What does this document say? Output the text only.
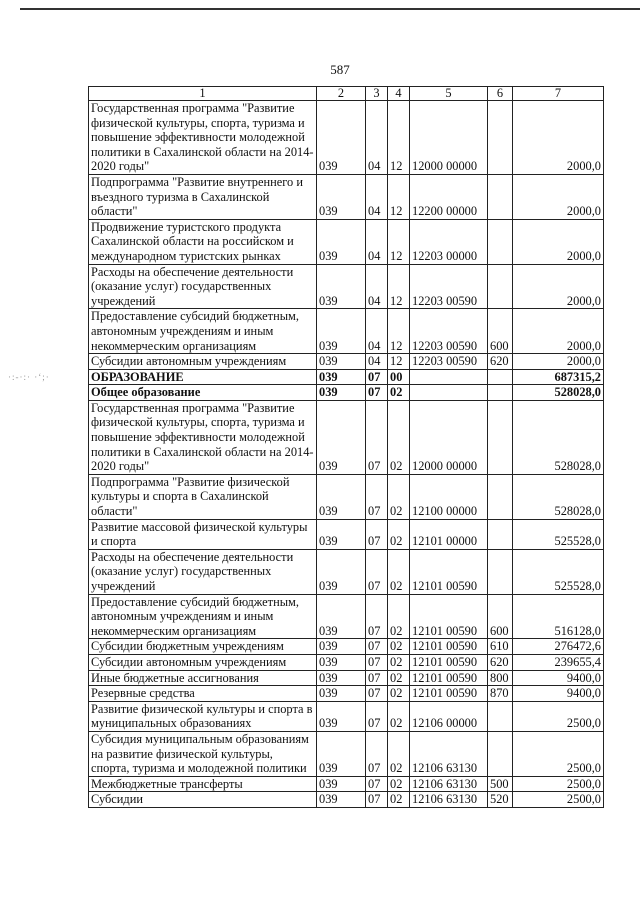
587
·:-·:· ·‘;·
1	2	3	4	5	6	7
Государственная программа "Развитие физической культуры, спорта, туризма и повышение эффективности молодежной политики в Сахалинской области на 2014-2020 годы"	039	04	12	12000 00000		2000,0
Подпрограмма "Развитие внутреннего и въездного туризма в Сахалинской области"	039	04	12	12200 00000		2000,0
Продвижение туристского продукта Сахалинской области на российском и международном туристских рынках	039	04	12	12203 00000		2000,0
Расходы на обеспечение деятельности (оказание услуг) государственных учреждений	039	04	12	12203 00590		2000,0
Предоставление субсидий бюджетным, автономным учреждениям и иным некоммерческим организациям	039	04	12	12203 00590	600	2000,0
Субсидии автономным учреждениям	039	04	12	12203 00590	620	2000,0
ОБРАЗОВАНИЕ	039	07	00			687315,2
Общее образование	039	07	02			528028,0
Государственная программа "Развитие физической культуры, спорта, туризма и повышение эффективности молодежной политики в Сахалинской области на 2014-2020 годы"	039	07	02	12000 00000		528028,0
Подпрограмма "Развитие физической культуры и спорта в Сахалинской области"	039	07	02	12100 00000		528028,0
Развитие массовой физической культуры и спорта	039	07	02	12101 00000		525528,0
Расходы на обеспечение деятельности (оказание услуг) государственных учреждений	039	07	02	12101 00590		525528,0
Предоставление субсидий бюджетным, автономным учреждениям и иным некоммерческим организациям	039	07	02	12101 00590	600	516128,0
Субсидии бюджетным учреждениям	039	07	02	12101 00590	610	276472,6
Субсидии автономным учреждениям	039	07	02	12101 00590	620	239655,4
Иные бюджетные ассигнования	039	07	02	12101 00590	800	9400,0
Резервные средства	039	07	02	12101 00590	870	9400,0
Развитие физической культуры и спорта в муниципальных образованиях	039	07	02	12106 00000		2500,0
Субсидия муниципальным образованиям на развитие физической культуры, спорта, туризма и молодежной политики	039	07	02	12106 63130		2500,0
Межбюджетные трансферты	039	07	02	12106 63130	500	2500,0
Субсидии	039	07	02	12106 63130	520	2500,0
